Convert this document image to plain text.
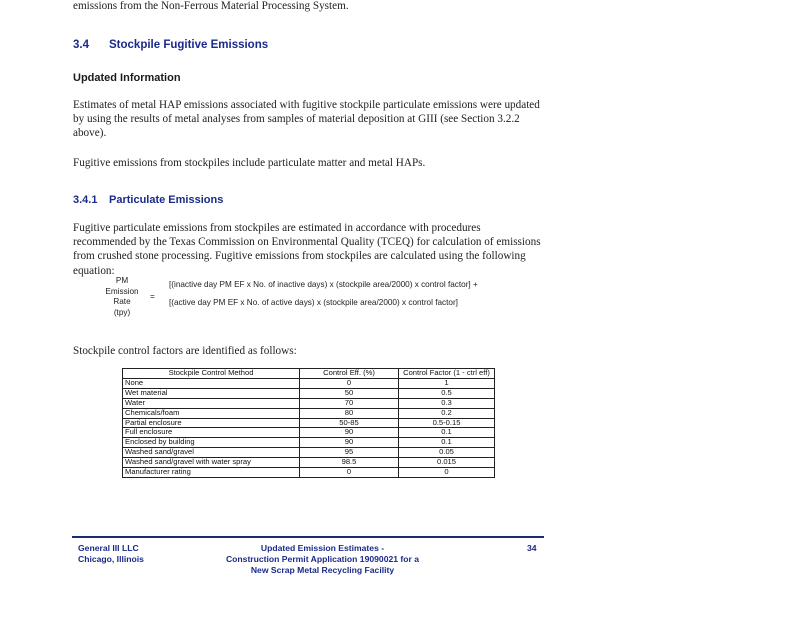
emissions from the Non-Ferrous Material Processing System.
3.4 Stockpile Fugitive Emissions
Updated Information
Estimates of metal HAP emissions associated with fugitive stockpile particulate emissions were updated by using the results of metal analyses from samples of material deposition at GIII (see Section 3.2.2 above).
Fugitive emissions from stockpiles include particulate matter and metal HAPs.
3.4.1 Particulate Emissions
Fugitive particulate emissions from stockpiles are estimated in accordance with procedures recommended by the Texas Commission on Environmental Quality (TCEQ) for calculation of emissions from crushed stone processing. Fugitive emissions from stockpiles are calculated using the following equation:
PM
Emission
Rate
(tpy)
=
[(inactive day PM EF x No. of inactive days) x (stockpile area/2000) x control factor] +
[(active day PM EF x No. of active days) x (stockpile area/2000) x control factor]
Stockpile control factors are identified as follows:
Stockpile Control Method	Control Eff. (%)	Control Factor (1 - ctrl eff)
None	0	1
Wet material	50	0.5
Water	70	0.3
Chemicals/foam	80	0.2
Partial enclosure	50-85	0.5-0.15
Full enclosure	90	0.1
Enclosed by building	90	0.1
Washed sand/gravel	95	0.05
Washed sand/gravel with water spray	98.5	0.015
Manufacturer rating	0	0
General III LLC
Chicago, Illinois
Updated Emission Estimates -
Construction Permit Application 19090021 for a
New Scrap Metal Recycling Facility
34
